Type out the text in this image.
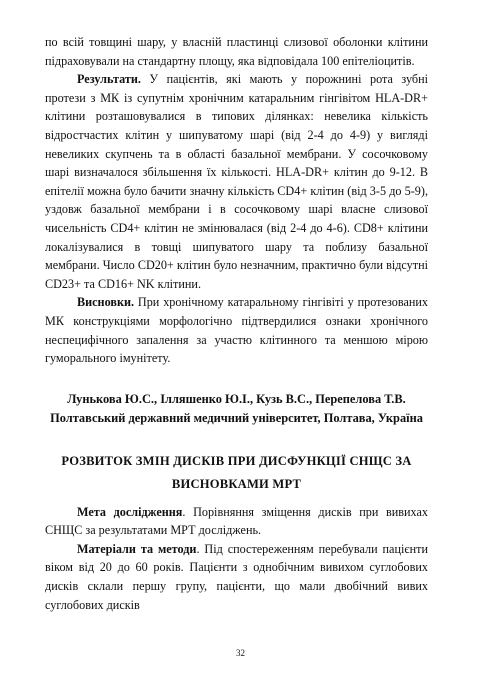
по всій товщині шару, у власній пластинці слизової оболонки клітини підраховували на стандартну площу, яка відповідала 100 епітеліоцитів.

Результати. У пацієнтів, які мають у порожнині рота зубні протези з МК із супутнім хронічним катаральним гінгівітом HLA-DR+ клітини розташовувалися в типових ділянках: невелика кількість відростчастих клітин у шипуватому шарі (від 2-4 до 4-9) у вигляді невеликих скупчень та в області базальної мембрани. У сосочковому шарі визначалося збільшення їх кількості. HLA-DR+ клітин до 9-12. В епітелії можна було бачити значну кількість CD4+ клітин (від 3-5 до 5-9), уздовж базальної мембрани і в сосочковому шарі власне слизової чисельність CD4+ клітин не змінювалася (від 2-4 до 4-6). CD8+ клітини локалізувалися в товщі шипуватого шару та поблизу базальної мембрани. Число CD20+ клітин було незначним, практично були відсутні CD23+ та CD16+ NK клітини.

Висновки. При хронічному катаральному гінгівіті у протезованих МК конструкціями морфологічно підтвердилися ознаки хронічного неспецифічного запалення за участю клітинного та меншою мірою гуморального імунітету.

Лунькова Ю.С., Ілляшенко Ю.І., Кузь В.С., Перепелова Т.В.

Полтавський державний медичний університет, Полтава, Україна

РОЗВИТОК ЗМІН ДИСКІВ ПРИ ДИСФУНКЦІЇ СНЩС ЗА ВИСНОВКАМИ МРТ

Мета дослідження. Порівняння зміщення дисків при вивихах СНЩС за результатами МРТ досліджень.

Матеріали та методи. Під спостереженням перебували пацієнти віком від 20 до 60 років. Пацієнти з однобічним вивихом суглобових дисків склали першу групу, пацієнти, що мали двобічний вивих суглобових дисків

32
